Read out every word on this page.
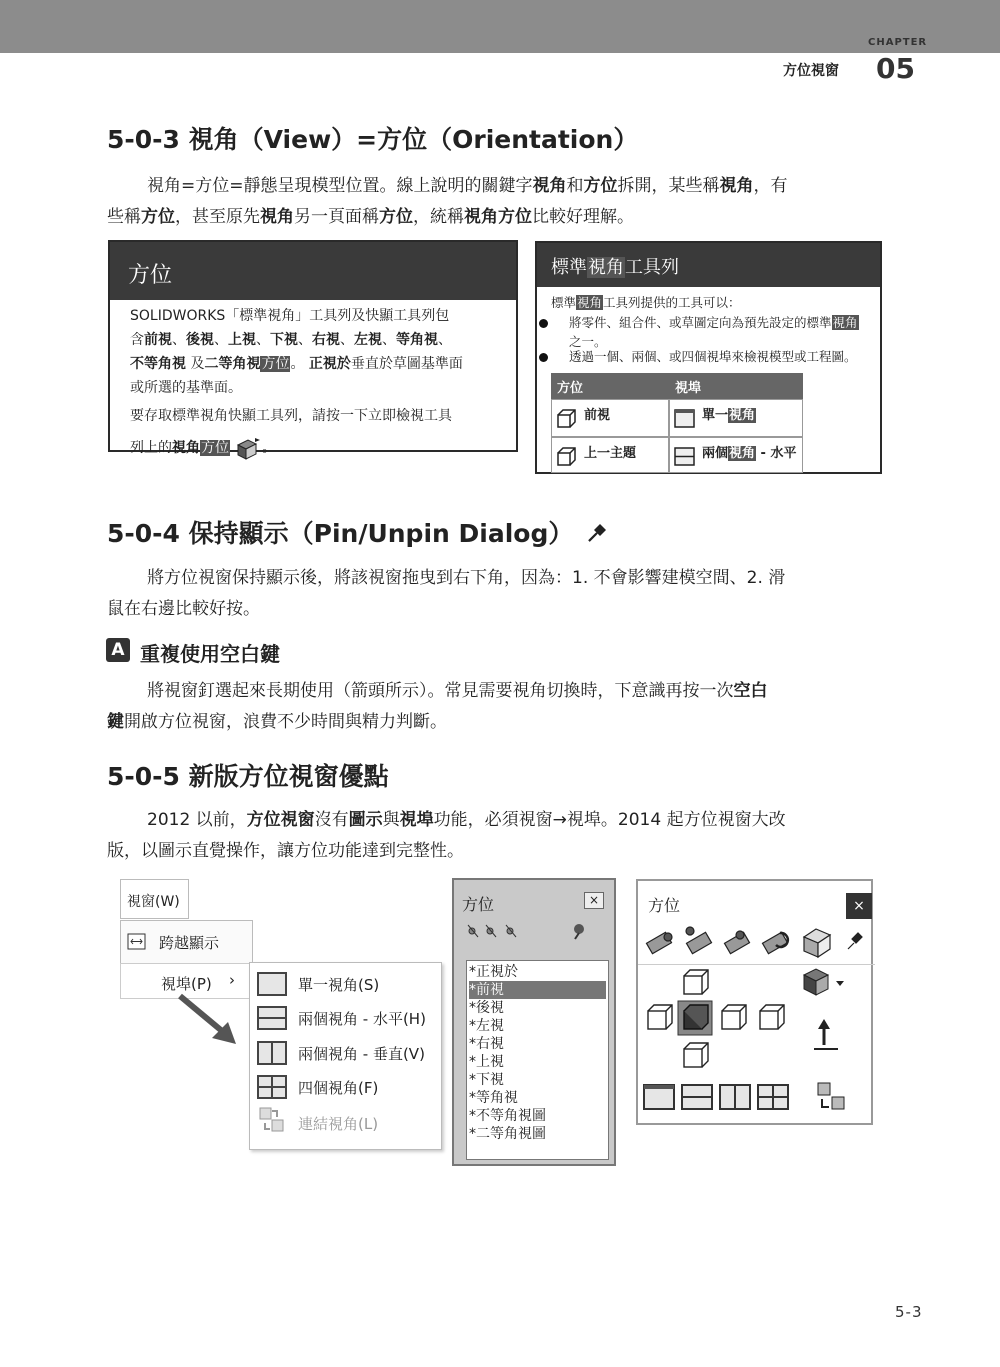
CHAPTER
方位視窗 05
5-0-3 視角（View）=方位（Orientation）

視角=方位=靜態呈現模型位置。線上說明的關鍵字視角和方位拆開，某些稱視角，有

些稱方位，甚至原先視角另一頁面稱方位，統稱視角方位比較好理解。

方位
SOLIDWORKS「標準視角」工具列及快顯工具列包
含前視、後視、上視、下視、右視、左視、等角視、
不等角視 及二等角視方位。 正視於垂直於草圖基準面
或所選的基準面。
要存取標準視角快顯工具列，請按一下立即檢視工具
列上的視角方位 。
標準視角工具列
標準視角工具列提供的工具可以：
將零件、組合件、或草圖定向為預先設定的標準視角
之一。
透過一個、兩個、或四個視埠來檢視模型或工程圖。
方位	視埠
前視	單一視角
上一主題	兩個視角 - 水平
5-0-4 保持顯示（Pin/Unpin Dialog）

將方位視窗保持顯示後，將該視窗拖曳到右下角，因為：1. 不會影響建模空間、2. 滑

鼠在右邊比較好按。

A 重複使用空白鍵

將視窗釘選起來長期使用（箭頭所示）。常見需要視角切換時，下意識再按一次空白

鍵開啟方位視窗，浪費不少時間與精力判斷。

5-0-5 新版方位視窗優點

2012 以前，方位視窗沒有圖示與視埠功能，必須視窗→視埠。2014 起方位視窗大改

版，以圖示直覺操作，讓方位功能達到完整性。

視窗(W)
跨越顯示
視埠(P) ›	單一視角(S)
兩個視角 - 水平(H)
兩個視角 - 垂直(V)
四個視角(F)
連結視角(L)
方位	×
*正視於
*前視
*後視
*左視
*右視
*上視
*下視
*等角視
*不等角視圖
*二等角視圖
方位	×
5-3
